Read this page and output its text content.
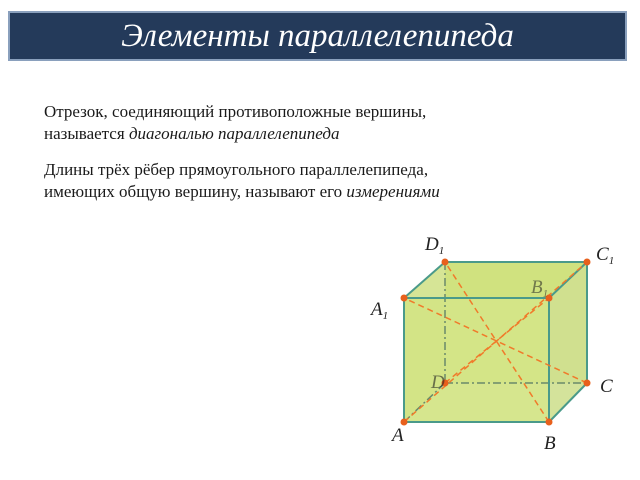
Элементы параллелепипеда
Отрезок, соединяющий противоположные вершины,
называется диагональю параллелепипеда
Длины трёх рёбер прямоугольного параллелепипеда,
имеющих общую вершину, называют его измерениями
$D_1$	$C_1$
$B_1$
$A_1$
D	C
A	B
